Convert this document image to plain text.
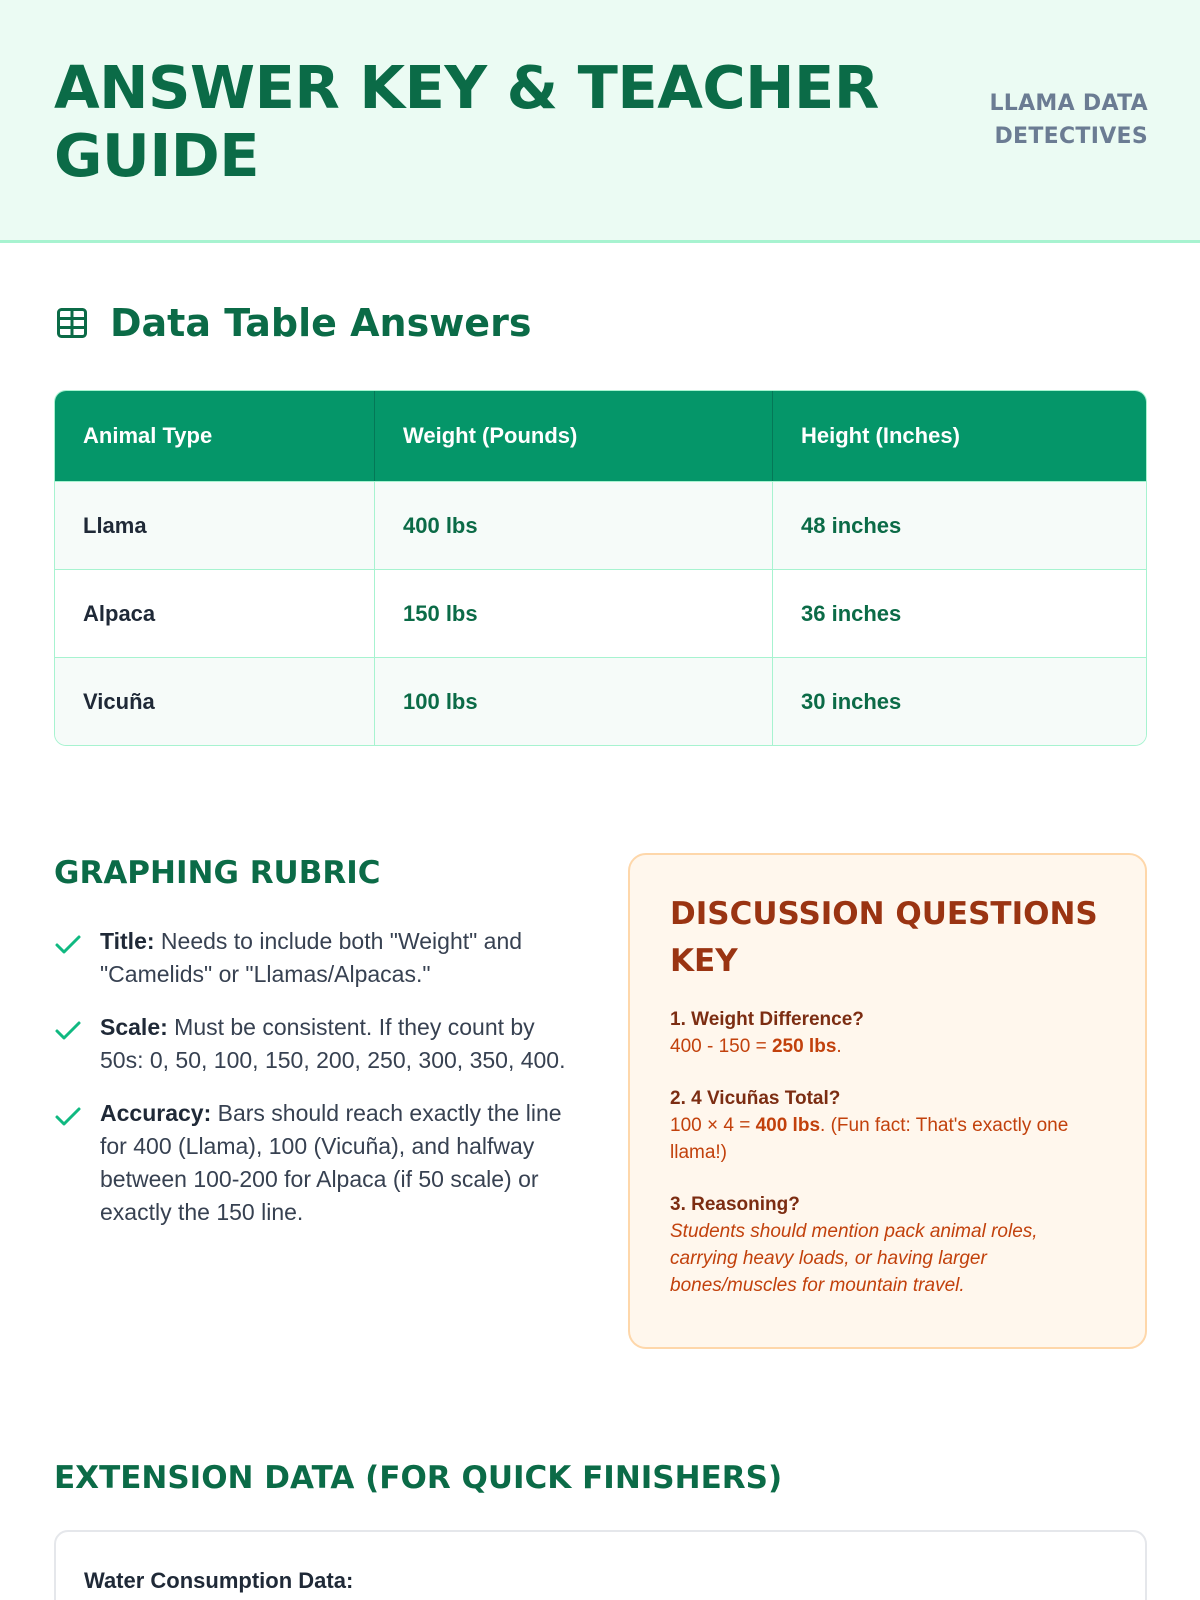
ANSWER KEY & TEACHER GUIDE
LLAMA DATA
DETECTIVES
Data Table Answers
Animal Type	Weight (Pounds)	Height (Inches)
Llama	400 lbs	48 inches
Alpaca	150 lbs	36 inches
Vicuña	100 lbs	30 inches
GRAPHING RUBRIC
Title: Needs to include both "Weight" and "Camelids" or "Llamas/Alpacas."
Scale: Must be consistent. If they count by 50s: 0, 50, 100, 150, 200, 250, 300, 350, 400.
Accuracy: Bars should reach exactly the line for 400 (Llama), 100 (Vicuña), and halfway between 100-200 for Alpaca (if 50 scale) or exactly the 150 line.
DISCUSSION QUESTIONS KEY
1. Weight Difference?
400 - 150 = 250 lbs.
2. 4 Vicuñas Total?
100 × 4 = 400 lbs. (Fun fact: That's exactly one llama!)
3. Reasoning?
Students should mention pack animal roles, carrying heavy loads, or having larger bones/muscles for mountain travel.
EXTENSION DATA (FOR QUICK FINISHERS)
Water Consumption Data:
